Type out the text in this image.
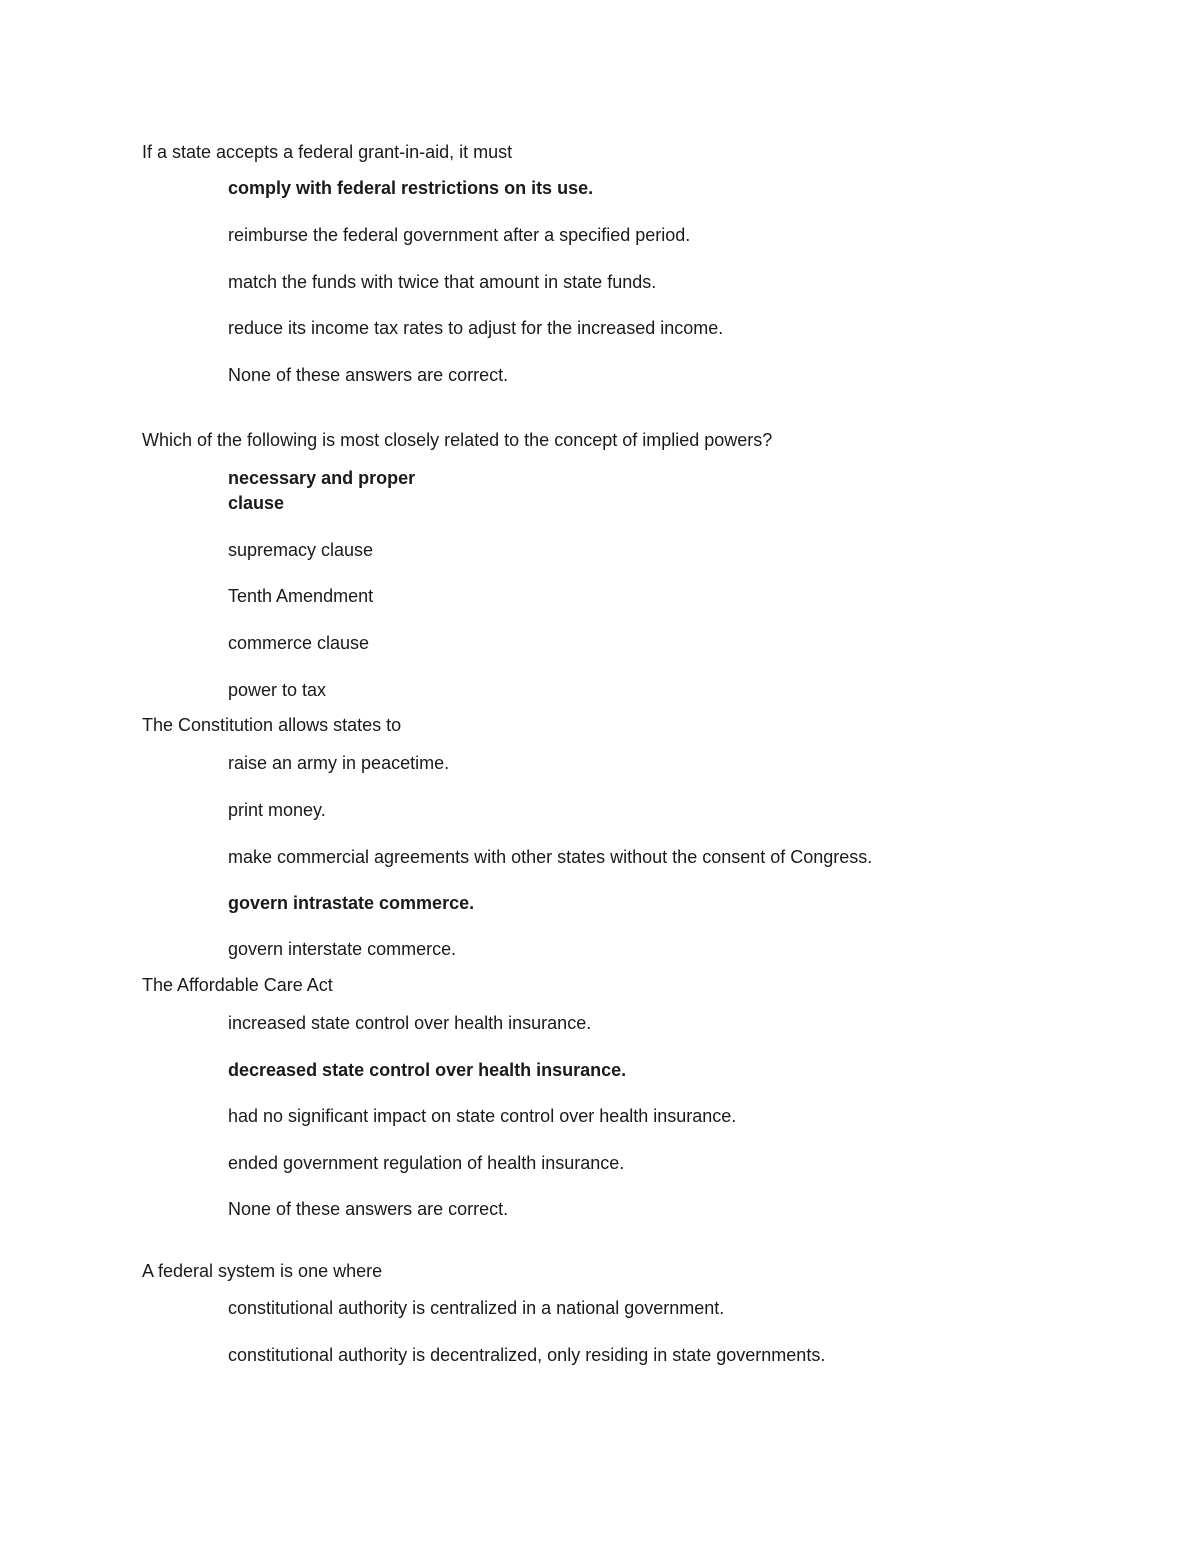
If a state accepts a federal grant-in-aid, it must

comply with federal restrictions on its use.

reimburse the federal government after a specified period.

match the funds with twice that amount in state funds.

reduce its income tax rates to adjust for the increased income.

None of these answers are correct.

Which of the following is most closely related to the concept of implied powers?

necessary and proper

clause

supremacy clause

Tenth Amendment

commerce clause

power to tax

The Constitution allows states to

raise an army in peacetime.

print money.

make commercial agreements with other states without the consent of Congress.

govern intrastate commerce.

govern interstate commerce.

The Affordable Care Act

increased state control over health insurance.

decreased state control over health insurance.

had no significant impact on state control over health insurance.

ended government regulation of health insurance.

None of these answers are correct.

A federal system is one where

constitutional authority is centralized in a national government.

constitutional authority is decentralized, only residing in state governments.
